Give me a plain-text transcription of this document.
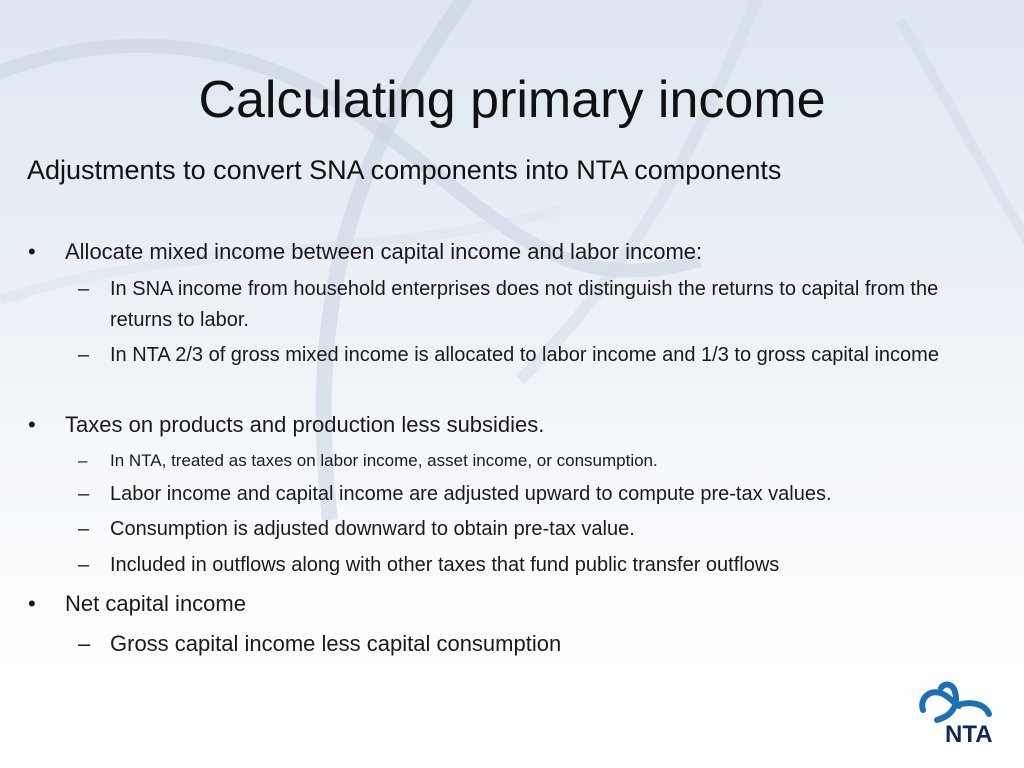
Calculating primary income
Adjustments to convert SNA components into NTA components
•	Allocate mixed income between capital income and labor income:
– In SNA income from household enterprises does not distinguish the returns to capital from the returns to labor.
– In NTA 2/3 of gross mixed income is allocated to labor income and 1/3 to gross capital income
•	Taxes on products and production less subsidies.
– In NTA, treated as taxes on labor income, asset income, or consumption.
– Labor income and capital income are adjusted upward to compute pre-tax values.
– Consumption is adjusted downward to obtain pre-tax value.
– Included in outflows along with other taxes that fund public transfer outflows
•	Net capital income
– Gross capital income less capital consumption
NTA
